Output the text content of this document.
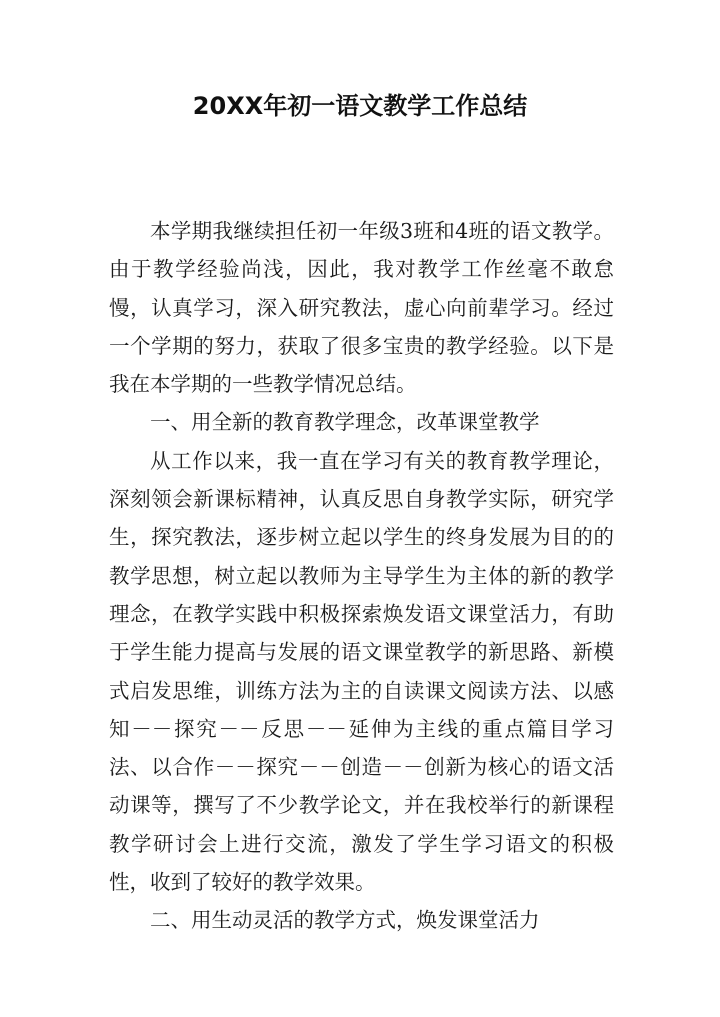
20XX年初一语文教学工作总结

本学期我继续担任初一年级3班和4班的语文教学。由于教学经验尚浅，因此，我对教学工作丝毫不敢怠慢，认真学习，深入研究教法，虚心向前辈学习。经过一个学期的努力，获取了很多宝贵的教学经验。以下是我在本学期的一些教学情况总结。

一、用全新的教育教学理念，改革课堂教学

从工作以来，我一直在学习有关的教育教学理论，深刻领会新课标精神，认真反思自身教学实际，研究学生，探究教法，逐步树立起以学生的终身发展为目的的教学思想，树立起以教师为主导学生为主体的新的教学理念，在教学实践中积极探索焕发语文课堂活力，有助于学生能力提高与发展的语文课堂教学的新思路、新模式启发思维，训练方法为主的自读课文阅读方法、以感知－－探究－－反思－－延伸为主线的重点篇目学习法、以合作－－探究－－创造－－创新为核心的语文活动课等，撰写了不少教学论文，并在我校举行的新课程教学研讨会上进行交流，激发了学生学习语文的积极性，收到了较好的教学效果。

二、用生动灵活的教学方式，焕发课堂活力
